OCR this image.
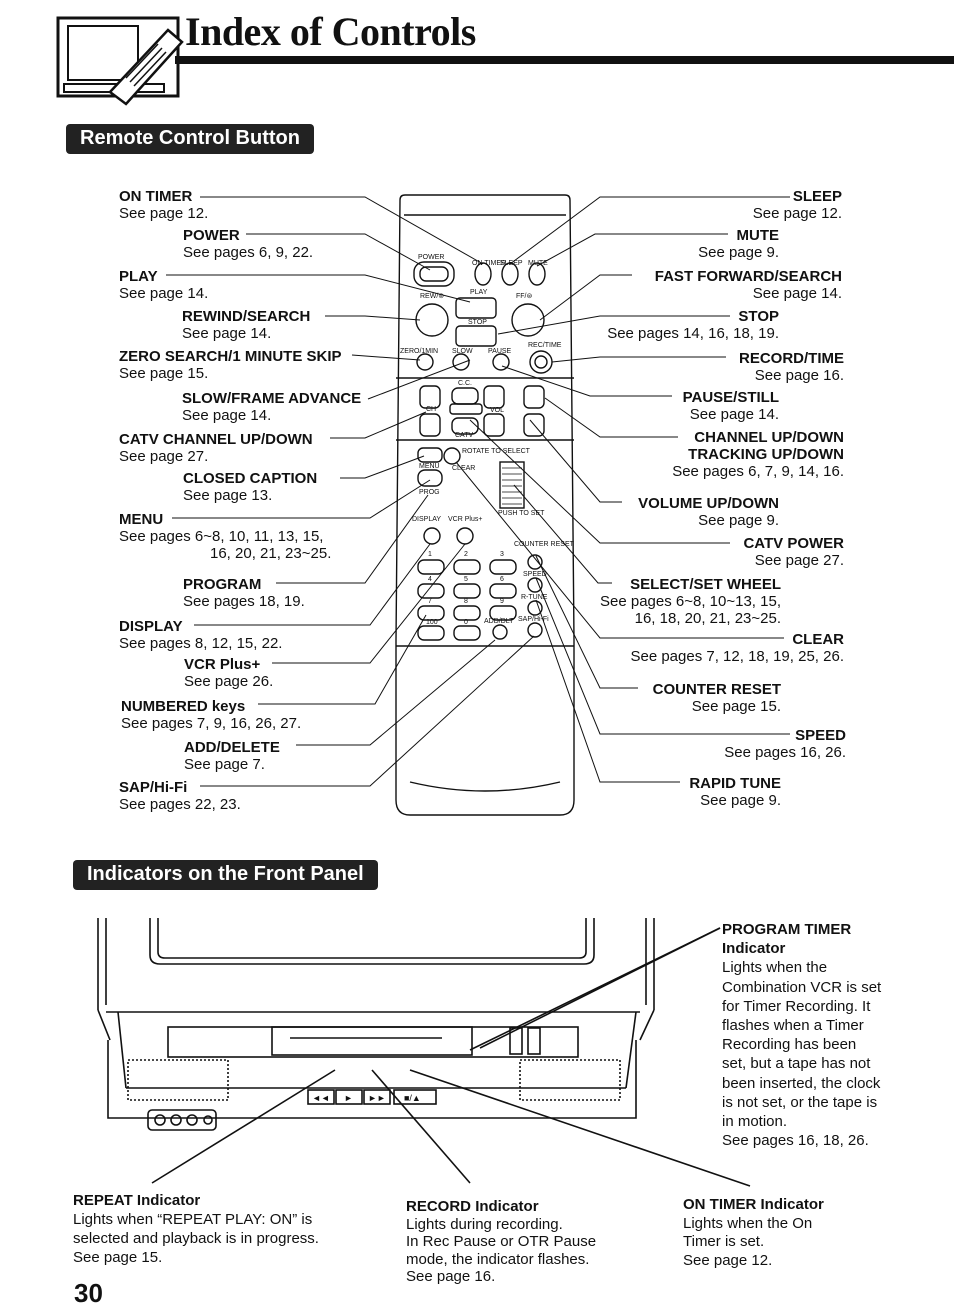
Index of Controls
Remote Control Button
ON TIMER
SLEEP MUTE
POWER
PLAY
REW/⊜	FF/⊜
STOP
ZERO/1MIN SLOW PAUSE
REC/TIME
C.C.
CH	VOL
CATV
MENU CLEAR
ROTATE TO SELECT
PROG
PUSH TO SET
DISPLAY VCR Plus+
COUNTER RESET
SPEED
R-TUNE
ADD/DLT SAP/Hi-Fi
1	2	3
4	5	6
7	8	9
100	0
ON TIMER
See page 12.
POWER
See pages 6, 9, 22.
PLAY
See page 14.
REWIND/SEARCH
See page 14.
ZERO SEARCH/1 MINUTE SKIP
See page 15.
SLOW/FRAME ADVANCE
See page 14.
CATV CHANNEL UP/DOWN
See page 27.
CLOSED CAPTION
See page 13.
MENU
See pages 6~8, 10, 11, 13, 15,
16, 20, 21, 23~25.
PROGRAM
See pages 18, 19.
DISPLAY
See pages 8, 12, 15, 22.
VCR Plus+
See page 26.
NUMBERED keys
See pages 7, 9, 16, 26, 27.
ADD/DELETE
See page 7.
SAP/Hi-Fi
See pages 22, 23.
SLEEP
See page 12.
MUTE
See page 9.
FAST FORWARD/SEARCH
See page 14.
STOP
See pages 14, 16, 18, 19.
RECORD/TIME
See page 16.
PAUSE/STILL
See page 14.
CHANNEL UP/DOWN
TRACKING UP/DOWN
See pages 6, 7, 9, 14, 16.
VOLUME UP/DOWN
See page 9.
CATV POWER
See page 27.
SELECT/SET WHEEL
See pages 6~8, 10~13, 15,
16, 18, 20, 21, 23~25.
CLEAR
See pages 7, 12, 18, 19, 25, 26.
COUNTER RESET
See page 15.
SPEED
See pages 16, 26.
RAPID TUNE
See page 9.
Indicators on the Front Panel
◄◄ ► ►► ■/▲
PROGRAM TIMER
Indicator
Lights when the
Combination VCR is set
for Timer Recording. It
flashes when a Timer
Recording has been
set, but a tape has not
been inserted, the clock
is not set, or the tape is
in motion.
See pages 16, 18, 26.
REPEAT Indicator
Lights when “REPEAT PLAY: ON” is
selected and playback is in progress.
See page 15.
RECORD Indicator
Lights during recording.
In Rec Pause or OTR Pause
mode, the indicator flashes.
See page 16.
ON TIMER Indicator
Lights when the On
Timer is set.
See page 12.
30
